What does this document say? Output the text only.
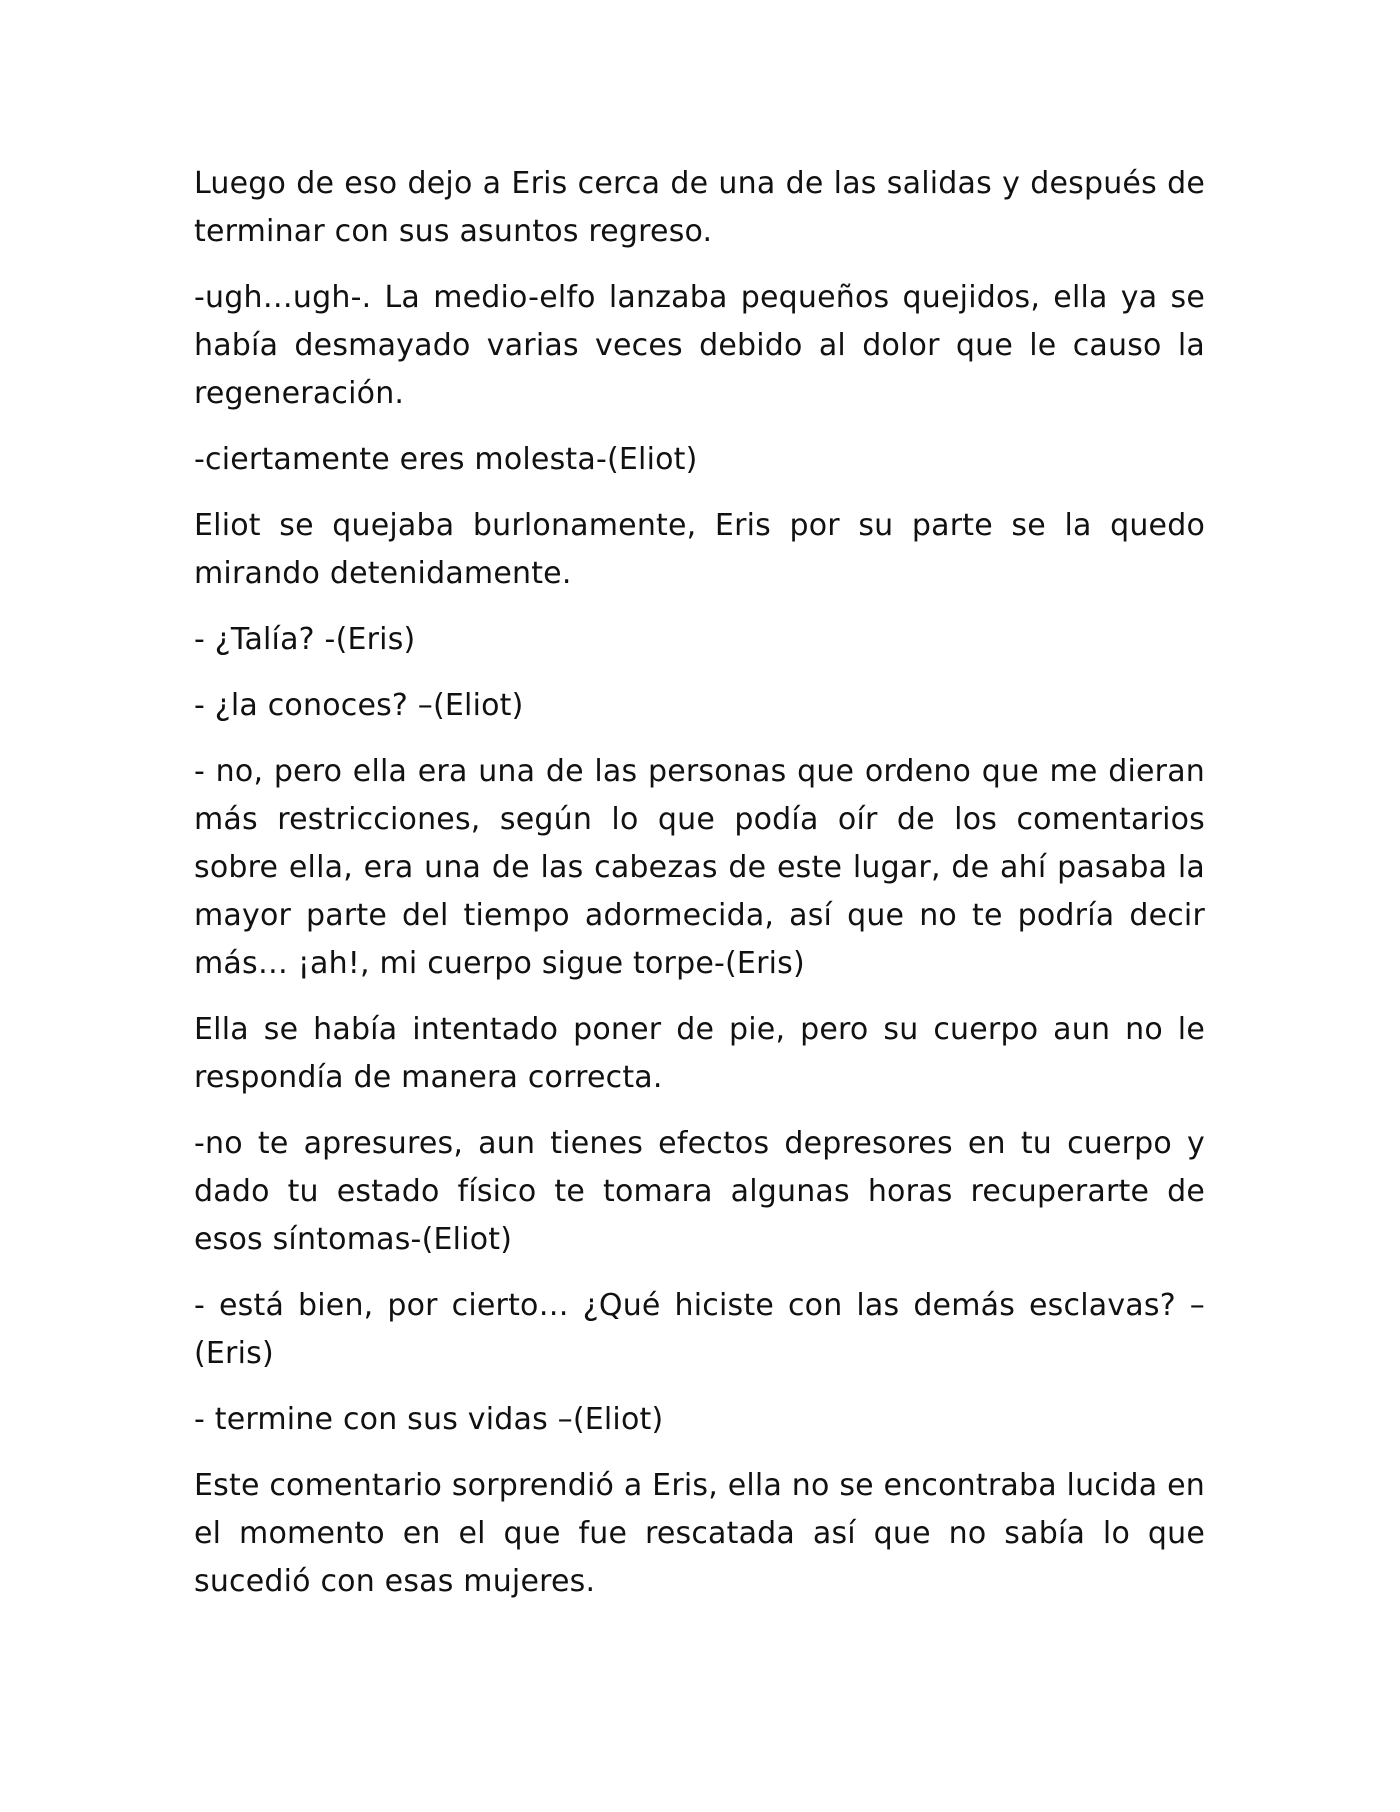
Luego de eso dejo a Eris cerca de una de las salidas y después de terminar con sus asuntos regreso.

-ugh…ugh-. La medio-elfo lanzaba pequeños quejidos, ella ya se había desmayado varias veces debido al dolor que le causo la regeneración.

-ciertamente eres molesta-(Eliot)

Eliot se quejaba burlonamente, Eris por su parte se la quedo mirando detenidamente.

- ¿Talía? -(Eris)

- ¿la conoces? –(Eliot)

- no, pero ella era una de las personas que ordeno que me dieran más restricciones, según lo que podía oír de los comentarios sobre ella, era una de las cabezas de este lugar, de ahí pasaba la mayor parte del tiempo adormecida, así que no te podría decir más… ¡ah!, mi cuerpo sigue torpe-(Eris)

Ella se había intentado poner de pie, pero su cuerpo aun no le respondía de manera correcta.

-no te apresures, aun tienes efectos depresores en tu cuerpo y dado tu estado físico te tomara algunas horas recuperarte de esos síntomas-(Eliot)

- está bien, por cierto… ¿Qué hiciste con las demás esclavas? –(Eris)

- termine con sus vidas –(Eliot)

Este comentario sorprendió a Eris, ella no se encontraba lucida en el momento en el que fue rescatada así que no sabía lo que sucedió con esas mujeres.
